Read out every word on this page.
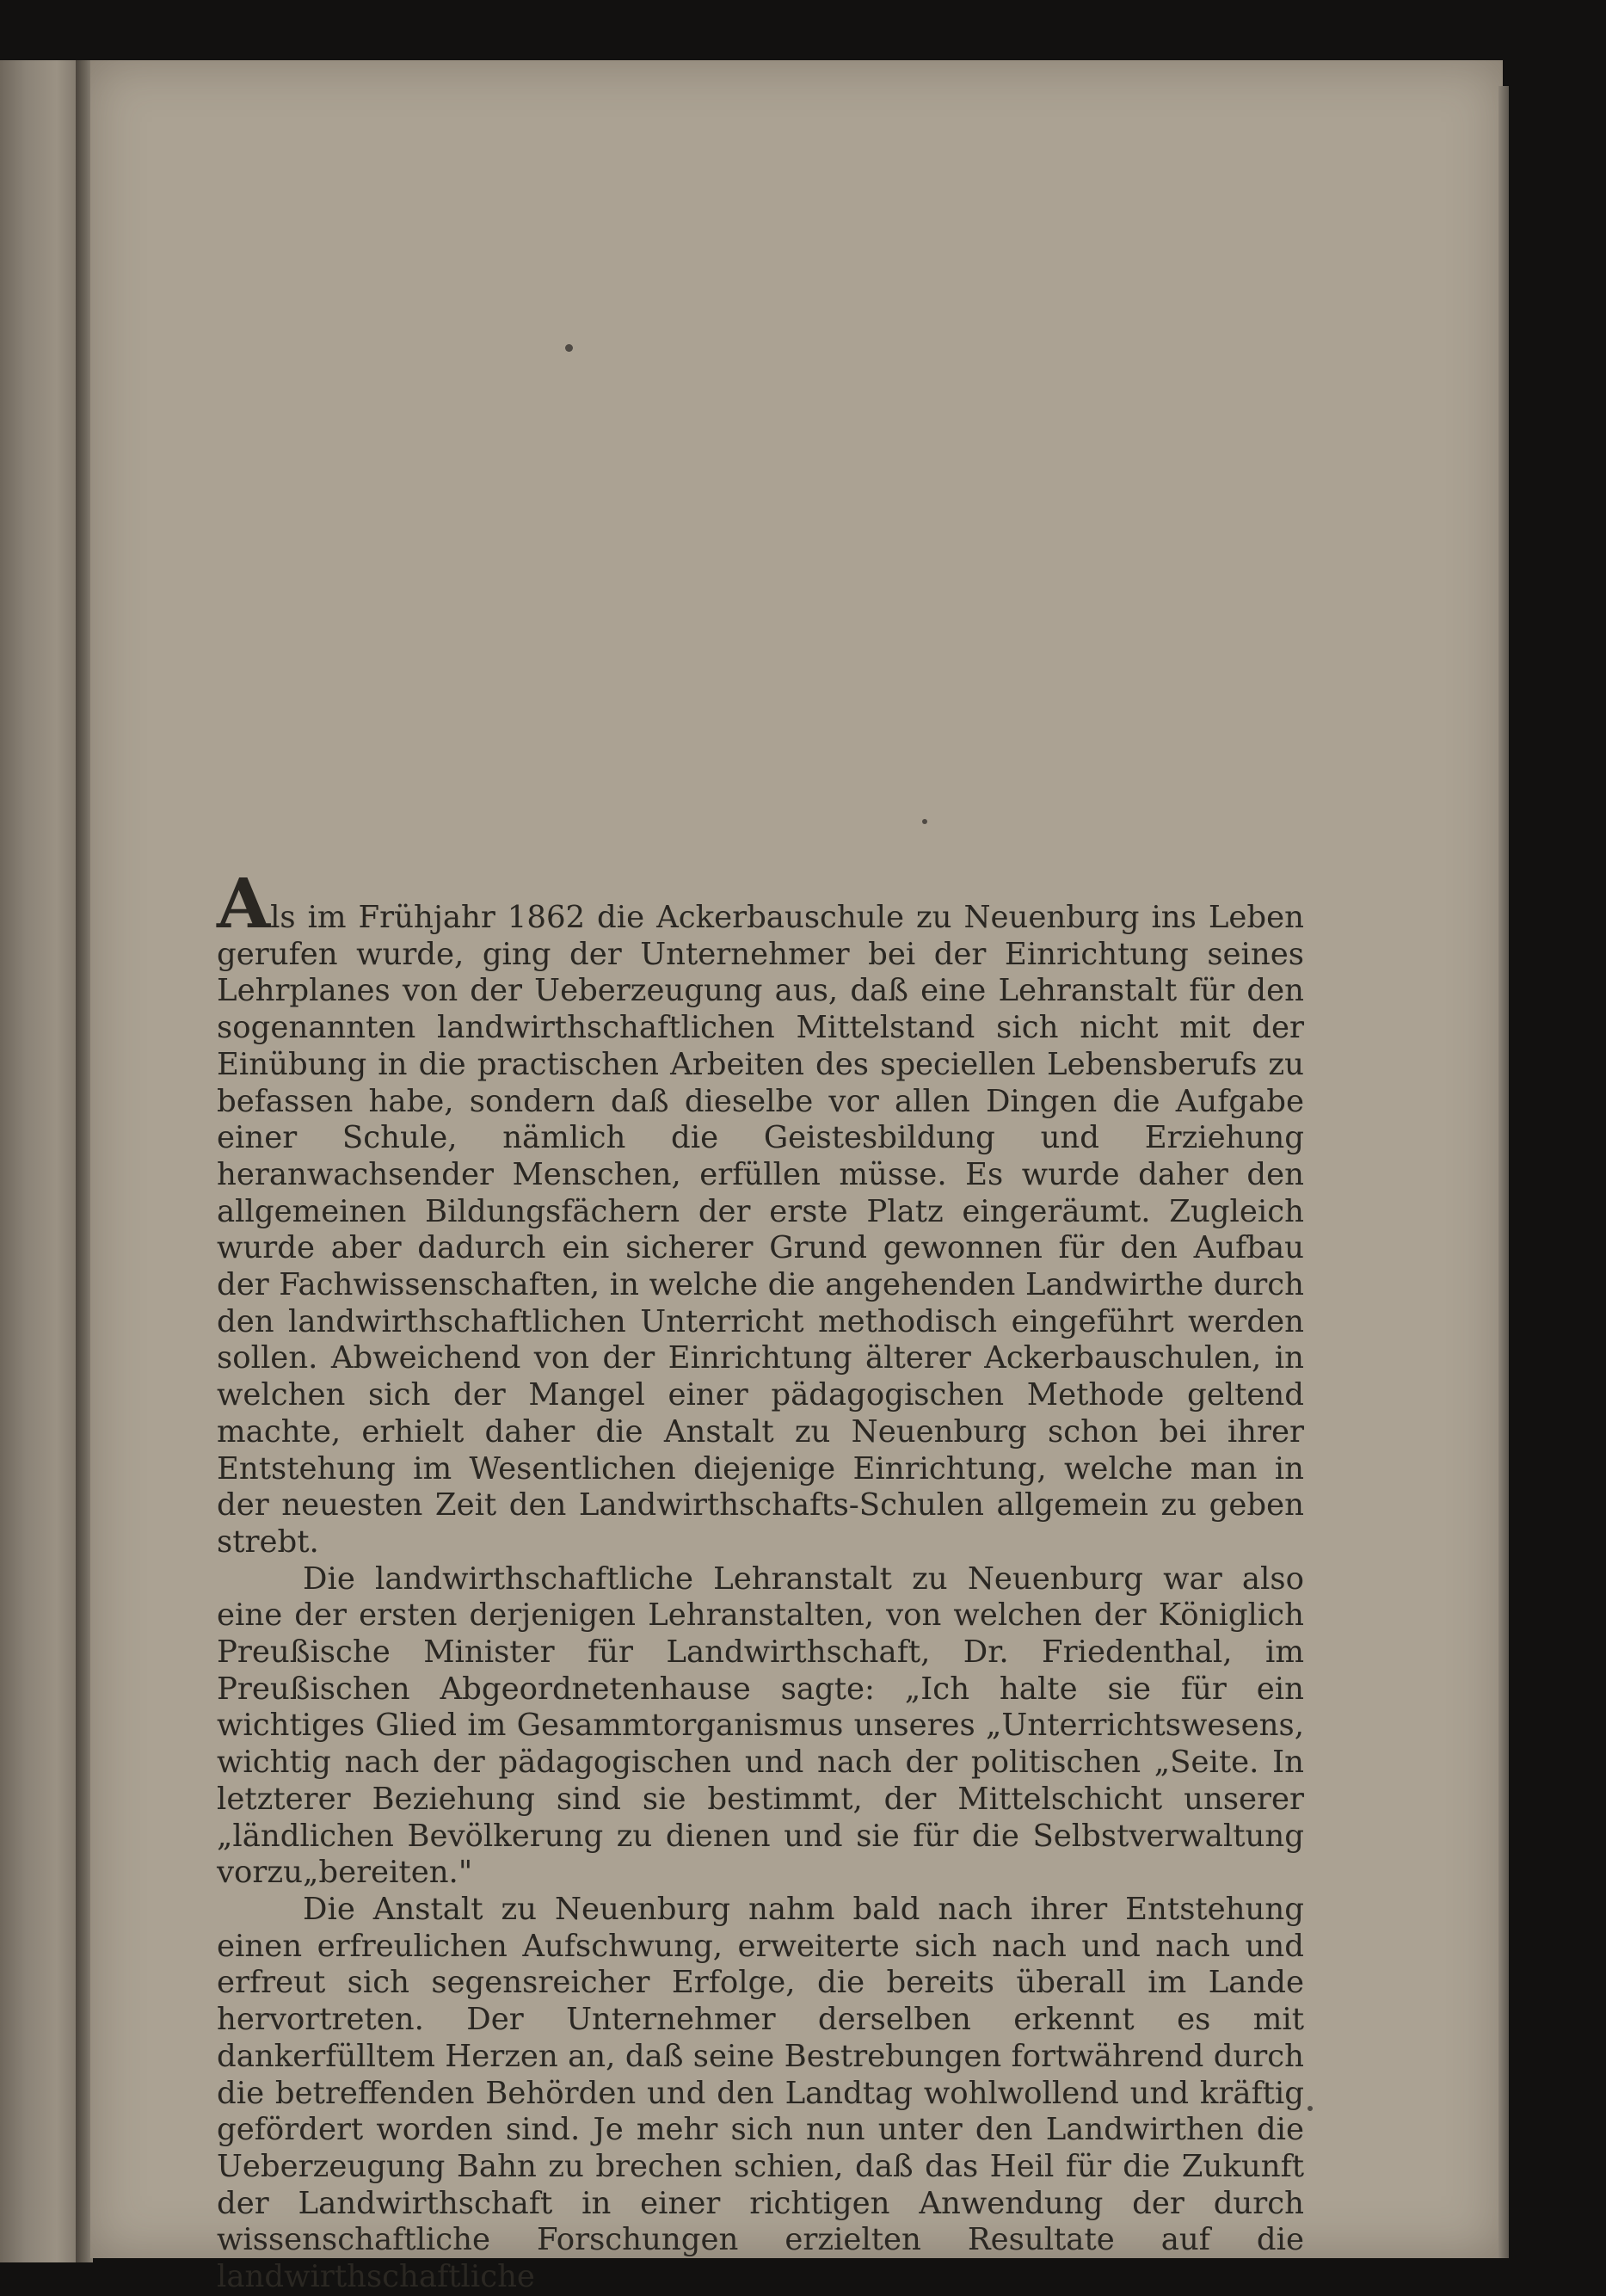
Als im Frühjahr 1862 die Ackerbauschule zu Neuenburg ins Leben gerufen wurde, ging der Unternehmer bei der Einrichtung seines Lehrplanes von der Ueberzeugung aus, daß eine Lehranstalt für den sogenannten landwirthschaftlichen Mittelstand sich nicht mit der Einübung in die practischen Arbeiten des speciellen Lebensberufs zu befassen habe, sondern daß dieselbe vor allen Dingen die Aufgabe einer Schule, nämlich die Geistesbildung und Erziehung heranwachsender Menschen, erfüllen müsse. Es wurde daher den allgemeinen Bildungsfächern der erste Platz eingeräumt. Zugleich wurde aber dadurch ein sicherer Grund gewonnen für den Aufbau der Fachwissenschaften, in welche die angehenden Landwirthe durch den landwirthschaftlichen Unterricht methodisch eingeführt werden sollen. Abweichend von der Einrichtung älterer Ackerbauschulen, in welchen sich der Mangel einer pädagogischen Methode geltend machte, erhielt daher die Anstalt zu Neuenburg schon bei ihrer Entstehung im Wesentlichen diejenige Einrichtung, welche man in der neuesten Zeit den Landwirthschafts-Schulen allgemein zu geben strebt.

Die landwirthschaftliche Lehranstalt zu Neuenburg war also eine der ersten derjenigen Lehranstalten, von welchen der Königlich Preußische Minister für Landwirthschaft, Dr. Friedenthal, im Preußischen Abgeordnetenhause sagte: „Ich halte sie für ein wichtiges Glied im Gesammtorganismus unseres „Unterrichtswesens, wichtig nach der pädagogischen und nach der politischen „Seite. In letzterer Beziehung sind sie bestimmt, der Mittelschicht unserer „ländlichen Bevölkerung zu dienen und sie für die Selbstverwaltung vorzu„bereiten."

Die Anstalt zu Neuenburg nahm bald nach ihrer Entstehung einen erfreulichen Aufschwung, erweiterte sich nach und nach und erfreut sich segensreicher Erfolge, die bereits überall im Lande hervortreten. Der Unternehmer derselben erkennt es mit dankerfülltem Herzen an, daß seine Bestrebungen fortwährend durch die betreffenden Behörden und den Landtag wohlwollend und kräftig gefördert worden sind. Je mehr sich nun unter den Landwirthen die Ueberzeugung Bahn zu brechen schien, daß das Heil für die Zukunft der Landwirthschaft in einer richtigen Anwendung der durch wissenschaftliche Forschungen erzielten Resultate auf die landwirthschaftliche
